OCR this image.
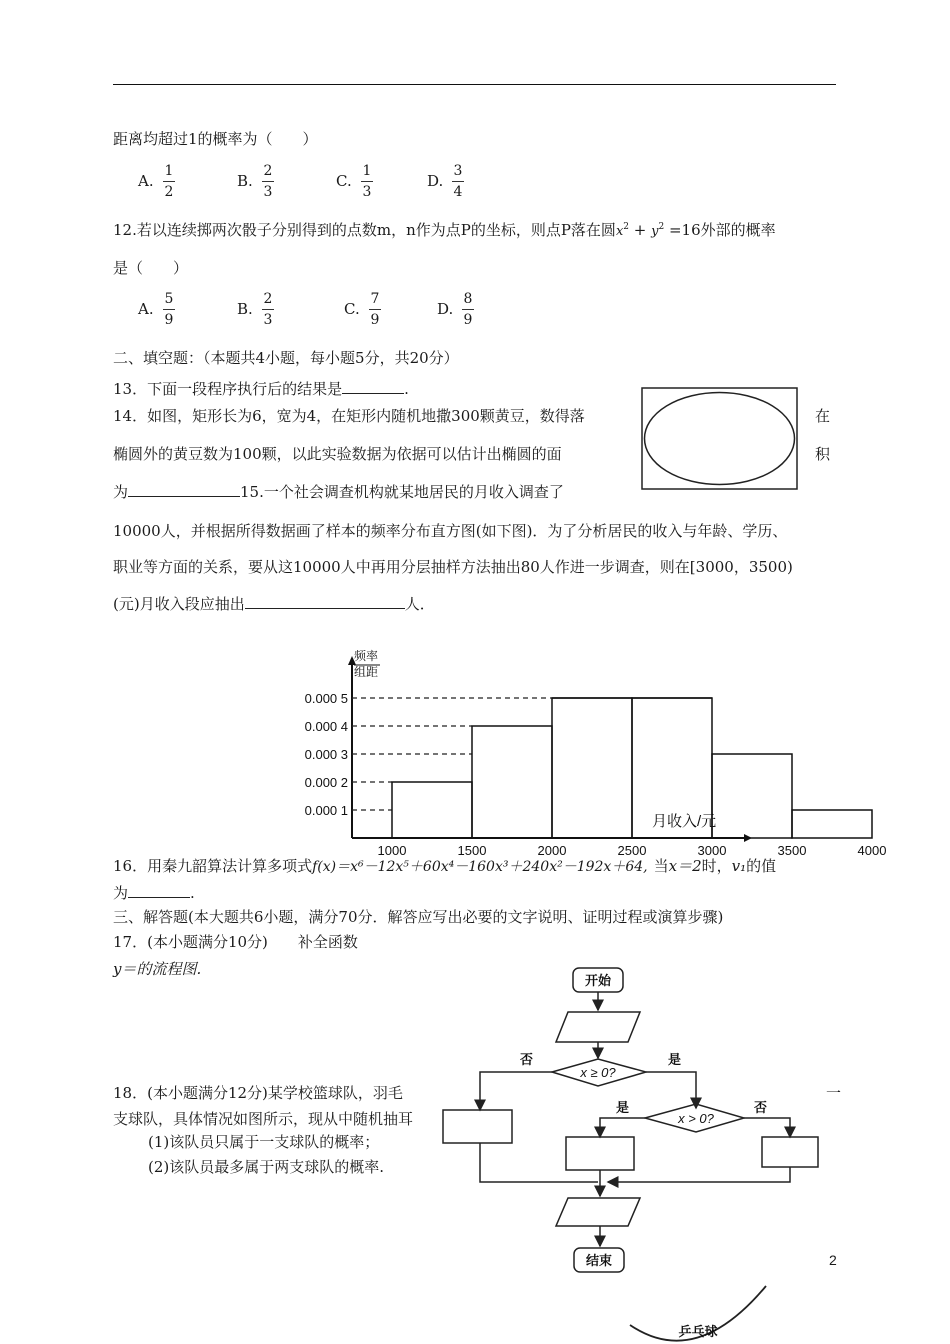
距离均超过1的概率为（　　）
A.
1
2
B.
2
3
C.
1
3
D.
3
4
12.若以连续掷两次骰子分别得到的点数m，n作为点P的坐标，则点P落在圆$x^2 + y^2 =16$外部的概率
是（　　）
A.
5
9
B.
2
3
C.
7
9
D.
8
9
二、填空题：（本题共4小题，每小题5分，共20分）
13．下面一段程序执行后的结果是	.
14．如图，矩形长为6，宽为4，在矩形内随机地撒300颗黄豆，数得落	在
椭圆外的黄豆数为100颗，以此实验数据为依据可以估计出椭圆的面	积
为	15.一个社会调查机构就某地居民的月收入调查了
10000人，并根据所得数据画了样本的频率分布直方图(如下图)．为了分析居民的收入与年龄、学历、
职业等方面的关系，要从这10000人中再用分层抽样方法抽出80人作进一步调查，则在[3000，3500)
(元)月收入段应抽出	人．
0.000 1
0.000 2
0.000 3
0.000 4
0.000 5
1000	1500	2000	2500	3000	3500	4000
频率
组距
月收入/元
16．用秦九韶算法计算多项式f(x)＝x⁶－12x⁵＋60x⁴－160x³＋240x²－192x＋64, 当x＝2时，v₁的值
为	.
三、解答题(本大题共6小题，满分70分．解答应写出必要的文字说明、证明过程或演算步骤)
17．(本小题满分10分)　　补全函数
y＝的流程图.
18．(本小题满分12分)某学校篮球队，羽毛	一
支球队，具体情况如图所示，现从中随机抽耳
(1)该队员只属于一支球队的概率；
(2)该队员最多属于两支球队的概率.
开始
x ≥ 0?
x > 0?
否	是
是	否
结束
乒乓球
2
